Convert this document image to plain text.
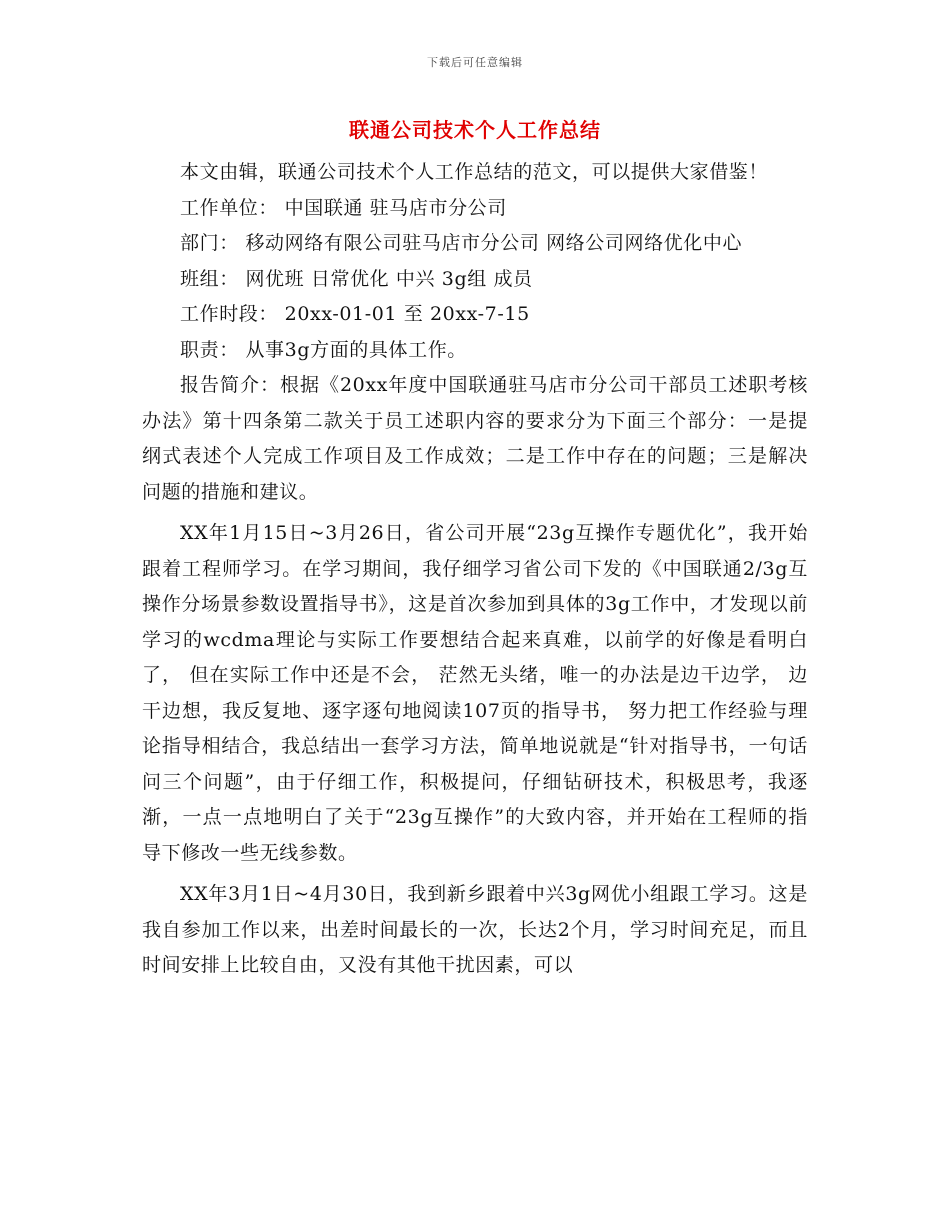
下载后可任意编辑
联通公司技术个人工作总结

本文由辑，联通公司技术个人工作总结的范文，可以提供大家借鉴！

工作单位： 中国联通 驻马店市分公司

部门： 移动网络有限公司驻马店市分公司 网络公司网络优化中心

班组： 网优班 日常优化 中兴 3g组 成员

工作时段： 20xx-01-01 至 20xx-7-15

职责： 从事3g方面的具体工作。

报告简介：根据《20xx年度中国联通驻马店市分公司干部员工述职考核办法》第十四条第二款关于员工述职内容的要求分为下面三个部分：一是提纲式表述个人完成工作项目及工作成效；二是工作中存在的问题；三是解决问题的措施和建议。

XX年1月15日~3月26日，省公司开展“23g互操作专题优化”，我开始跟着工程师学习。在学习期间，我仔细学习省公司下发的《中国联通2/3g互操作分场景参数设置指导书》，这是首次参加到具体的3g工作中，才发现以前学习的wcdma理论与实际工作要想结合起来真难，以前学的好像是看明白了， 但在实际工作中还是不会， 茫然无头绪，唯一的办法是边干边学， 边干边想，我反复地、逐字逐句地阅读107页的指导书， 努力把工作经验与理论指导相结合，我总结出一套学习方法，简单地说就是“针对指导书，一句话问三个问题”，由于仔细工作，积极提问，仔细钻研技术，积极思考，我逐渐，一点一点地明白了关于“23g互操作”的大致内容，并开始在工程师的指导下修改一些无线参数。

XX年3月1日~4月30日，我到新乡跟着中兴3g网优小组跟工学习。这是我自参加工作以来，出差时间最长的一次，长达2个月，学习时间充足，而且时间安排上比较自由，又没有其他干扰因素，可以
